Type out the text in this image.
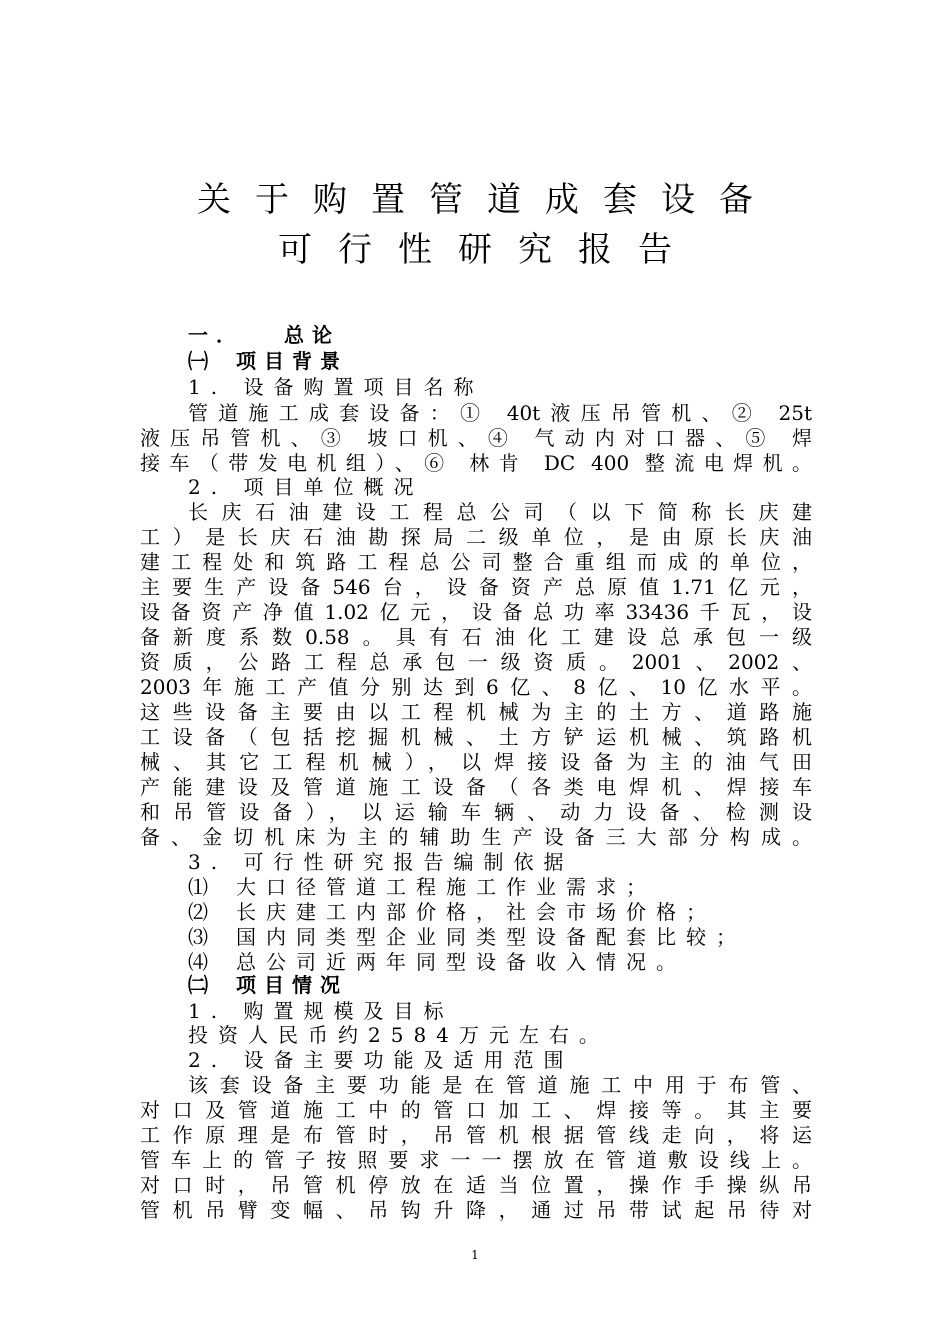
关于购置管道成套设备
可行性研究报告
一． 总论
㈠ 项目背景
1. 设备购置项目名称
管道施工成套设备：① 40t液压吊管机、② 25t
液压吊管机、③ 坡口机、④ 气动内对口器、⑤ 焊
接车（带发电机组）、⑥ 林肯 DC 400 整流电焊机。
2. 项目单位概况
长庆石油建设工程总公司（以下简称长庆建
工）是长庆石油勘探局二级单位，是由原长庆油
建工程处和筑路工程总公司整合重组而成的单位，
主要生产设备546台，设备资产总原值1.71亿元，
设备资产净值1.02亿元，设备总功率33436千瓦，设
备新度系数0.58。具有石油化工建设总承包一级
资质，公路工程总承包一级资质。2001、2002、
2003年施工产值分别达到6亿、8亿、10亿水平。
这些设备主要由以工程机械为主的土方、道路施
工设备（包括挖掘机械、土方铲运机械、筑路机
械、其它工程机械），以焊接设备为主的油气田
产能建设及管道施工设备（各类电焊机、焊接车
和吊管设备），以运输车辆、动力设备、检测设
备、金切机床为主的辅助生产设备三大部分构成。
3. 可行性研究报告编制依据
⑴ 大口径管道工程施工作业需求；
⑵ 长庆建工内部价格，社会市场价格；
⑶ 国内同类型企业同类型设备配套比较；
⑷ 总公司近两年同型设备收入情况。
㈡ 项目情况
1. 购置规模及目标
投资人民币约2584万元左右。
2. 设备主要功能及适用范围
该套设备主要功能是在管道施工中用于布管、
对口及管道施工中的管口加工、焊接等。其主要
工作原理是布管时，吊管机根据管线走向，将运
管车上的管子按照要求一一摆放在管道敷设线上。
对口时，吊管机停放在适当位置，操作手操纵吊
管机吊臂变幅、吊钩升降，通过吊带试起吊待对
1
